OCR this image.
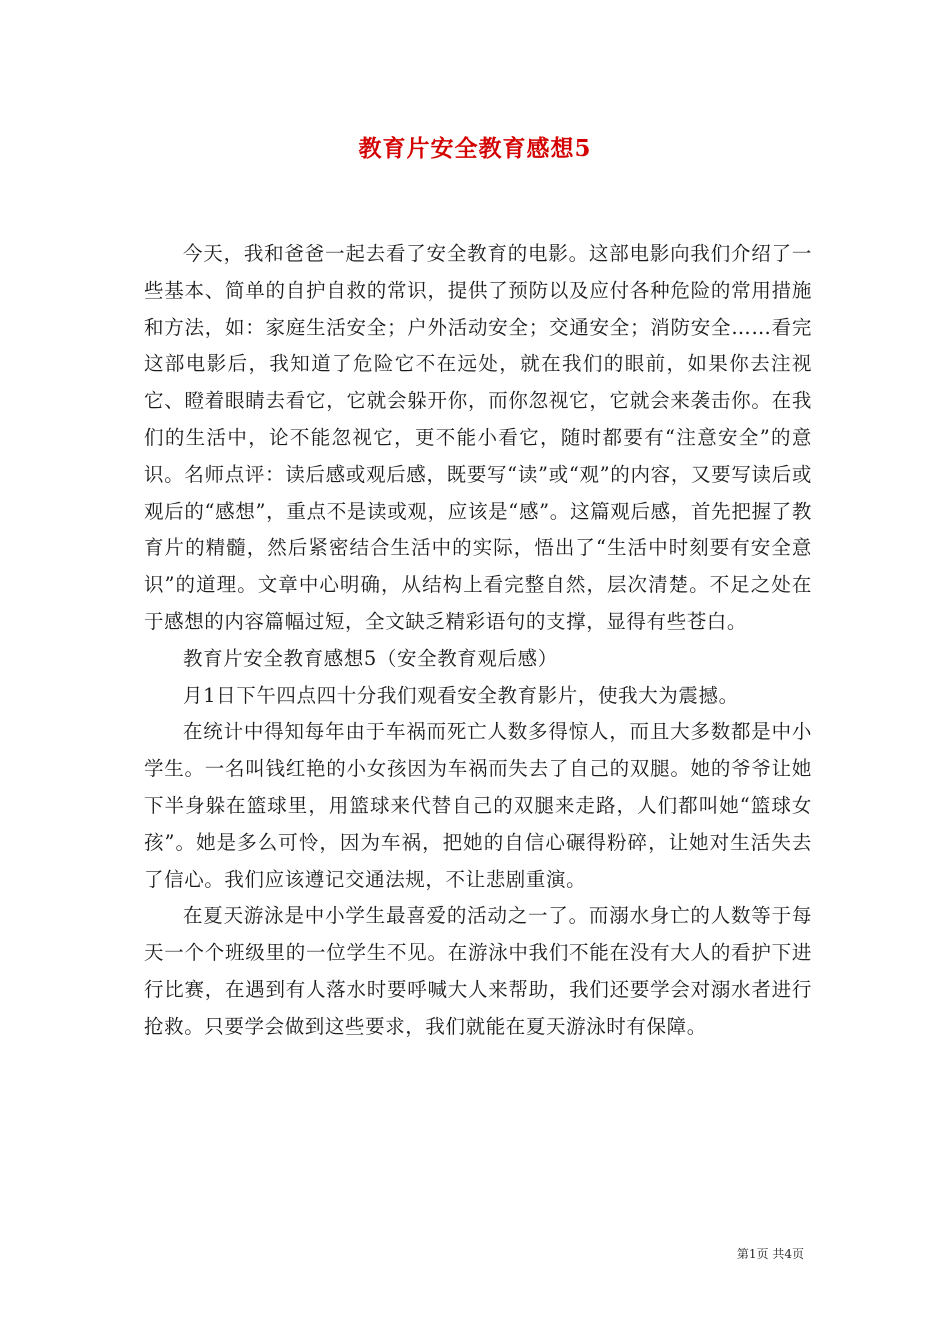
教育片安全教育感想5

今天，我和爸爸一起去看了安全教育的电影。这部电影向我们介绍了一些基本、简单的自护自救的常识，提供了预防以及应付各种危险的常用措施和方法，如：家庭生活安全；户外活动安全；交通安全；消防安全……看完这部电影后，我知道了危险它不在远处，就在我们的眼前，如果你去注视它、瞪着眼睛去看它，它就会躲开你，而你忽视它，它就会来袭击你。在我们的生活中，论不能忽视它，更不能小看它，随时都要有“注意安全”的意识。名师点评：读后感或观后感，既要写“读”或“观”的内容，又要写读后或观后的“感想”，重点不是读或观，应该是“感”。这篇观后感，首先把握了教育片的精髓，然后紧密结合生活中的实际，悟出了“生活中时刻要有安全意识”的道理。文章中心明确，从结构上看完整自然，层次清楚。不足之处在于感想的内容篇幅过短，全文缺乏精彩语句的支撑，显得有些苍白。

教育片安全教育感想5（安全教育观后感）

月1日下午四点四十分我们观看安全教育影片，使我大为震撼。

在统计中得知每年由于车祸而死亡人数多得惊人，而且大多数都是中小学生。一名叫钱红艳的小女孩因为车祸而失去了自己的双腿。她的爷爷让她下半身躲在篮球里，用篮球来代替自己的双腿来走路，人们都叫她“篮球女孩”。她是多么可怜，因为车祸，把她的自信心碾得粉碎，让她对生活失去了信心。我们应该遵记交通法规，不让悲剧重演。

在夏天游泳是中小学生最喜爱的活动之一了。而溺水身亡的人数等于每天一个个班级里的一位学生不见。在游泳中我们不能在没有大人的看护下进行比赛，在遇到有人落水时要呼喊大人来帮助，我们还要学会对溺水者进行抢救。只要学会做到这些要求，我们就能在夏天游泳时有保障。

第1页 共4页
